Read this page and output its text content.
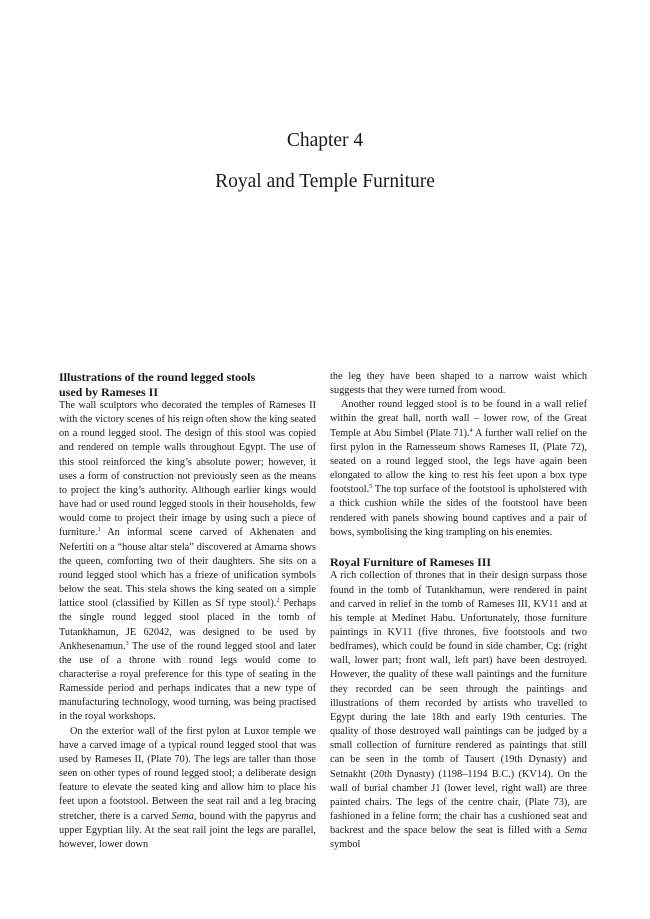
Chapter 4
Royal and Temple Furniture
Illustrations of the round legged stools
used by Rameses II

The wall sculptors who decorated the temples of Rameses II with the victory scenes of his reign often show the king seated on a round legged stool. The design of this stool was copied and rendered on temple walls throughout Egypt. The use of this stool reinforced the king’s absolute power; however, it uses a form of construction not previously seen as the means to project the king’s authority. Although earlier kings would have had or used round legged stools in their households, few would come to project their image by using such a piece of furniture.$^1$ An informal scene carved of Akhenaten and Nefertiti on a “house altar stela” discovered at Amarna shows the queen, comforting two of their daughters. She sits on a round legged stool which has a frieze of unification symbols below the seat. This stela shows the king seated on a simple lattice stool (classified by Killen as Sf type stool).$^2$ Perhaps the single round legged stool placed in the tomb of Tutankhamun, JE 62042, was designed to be used by Ankhesenamun.$^3$ The use of the round legged stool and later the use of a throne with round legs would come to characterise a royal preference for this type of seating in the Ramesside period and perhaps indicates that a new type of manufacturing technology, wood turning, was being practised in the royal workshops.

On the exterior wall of the first pylon at Luxor temple we have a carved image of a typical round legged stool that was used by Rameses II, (Plate 70). The legs are taller than those seen on other types of round legged stool; a deliberate design feature to elevate the seated king and allow him to place his feet upon a footstool. Between the seat rail and a leg bracing stretcher, there is a carved Sema, bound with the papyrus and upper Egyptian lily. At the seat rail joint the legs are parallel, however, lower down

the leg they have been shaped to a narrow waist which suggests that they were turned from wood.

Another round legged stool is to be found in a wall relief within the great hall, north wall – lower row, of the Great Temple at Abu Simbel (Plate 71).$^4$ A further wall relief on the first pylon in the Ramesseum shows Rameses II, (Plate 72), seated on a round legged stool, the legs have again been elongated to allow the king to rest his feet upon a box type footstool.$^5$ The top surface of the footstool is upholstered with a thick cushion while the sides of the footstool have been rendered with panels showing bound captives and a pair of bows, symbolising the king trampling on his enemies.

Royal Furniture of Rameses III

A rich collection of thrones that in their design surpass those found in the tomb of Tutankhamun, were rendered in paint and carved in relief in the tomb of Rameses III, KV11 and at his temple at Medinet Habu. Unfortunately, those furniture paintings in KV11 (five thrones, five footstools and two bedframes), which could be found in side chamber, Cg: (right wall, lower part; front wall, left part) have been destroyed. However, the quality of these wall paintings and the furniture they recorded can be seen through the paintings and illustrations of them recorded by artists who travelled to Egypt during the late 18th and early 19th centuries. The quality of those destroyed wall paintings can be judged by a small collection of furniture rendered as paintings that still can be seen in the tomb of Tausert (19th Dynasty) and Setnakht (20th Dynasty) (1198–1194 B.C.) (KV14). On the wall of burial chamber J1 (lower level, right wall) are three painted chairs. The legs of the centre chair, (Plate 73), are fashioned in a feline form; the chair has a cushioned seat and backrest and the space below the seat is filled with a Sema symbol
